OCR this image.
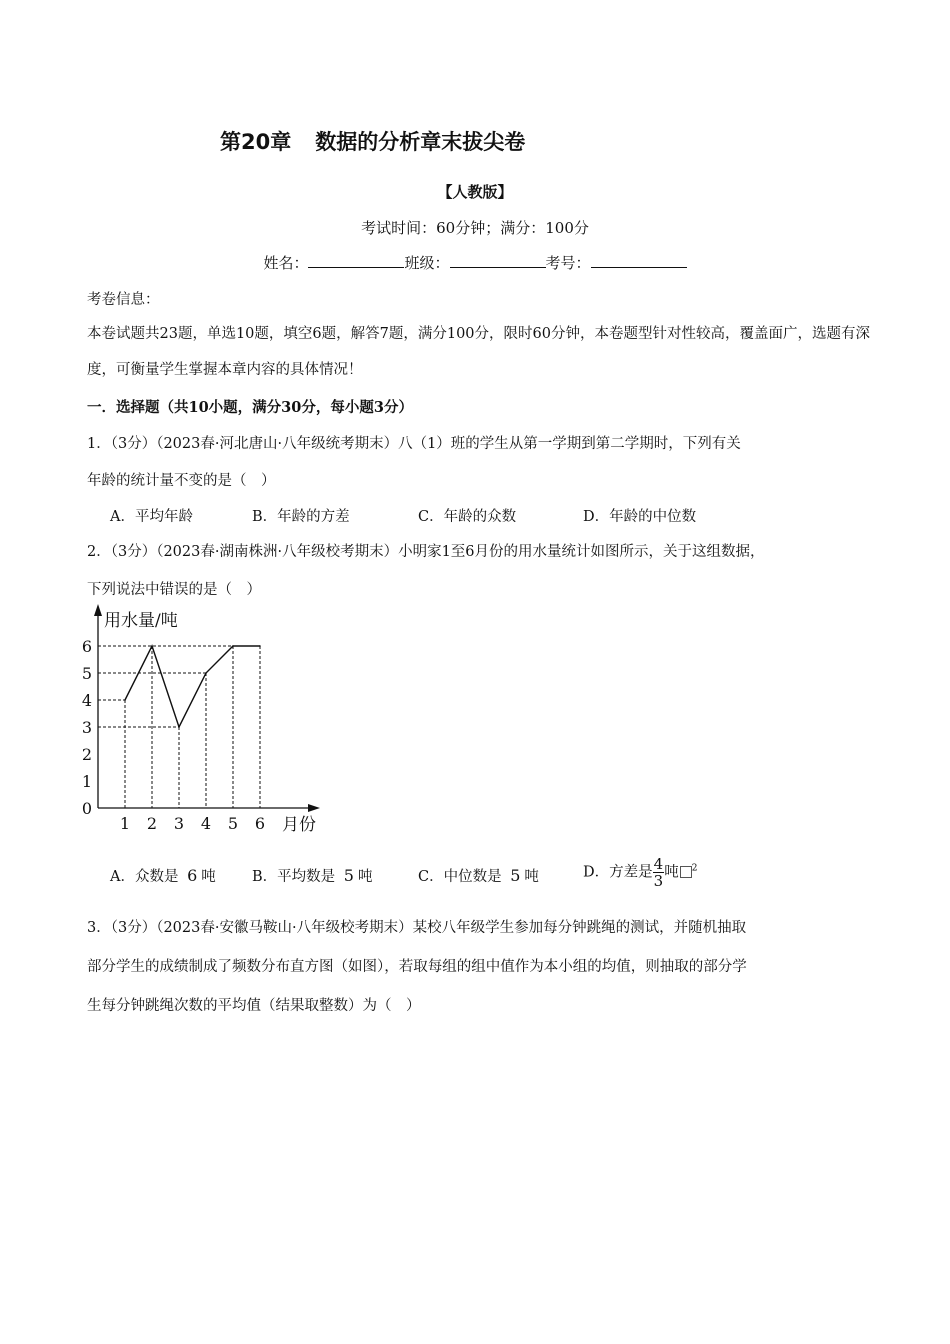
第20章 数据的分析章末拔尖卷
【人教版】
考试时间：60分钟；满分：100分
姓名：	班级：	考号：
考卷信息：
本卷试题共23题，单选10题，填空6题，解答7题，满分100分，限时60分钟，本卷题型针对性较高，覆盖面广，选题有深度，可衡量学生掌握本章内容的具体情况！
一．选择题（共10小题，满分30分，每小题3分）
1．（3分）（2023春·河北唐山·八年级统考期末）八（1）班的学生从第一学期到第二学期时，下列有关
年龄的统计量不变的是（　）
A．平均年龄	B．年龄的方差	C．年龄的众数	D．年龄的中位数
2．（3分）（2023春·湖南株洲·八年级校考期末）小明家1至6月份的用水量统计如图所示，关于这组数据，
下列说法中错误的是（　）
用水量/吨
月份
0
1
2
3
4
5
6
1 2 3 4 5 6
A．众数是 6 吨 B．平均数是 5 吨	C．中位数是 5 吨	D．方差是 $\frac{4}{3}$ 吨 $^2$
3．（3分）（2023春·安徽马鞍山·八年级校考期末）某校八年级学生参加每分钟跳绳的测试，并随机抽取
部分学生的成绩制成了频数分布直方图（如图），若取每组的组中值作为本小组的均值，则抽取的部分学
生每分钟跳绳次数的平均值（结果取整数）为（　）
